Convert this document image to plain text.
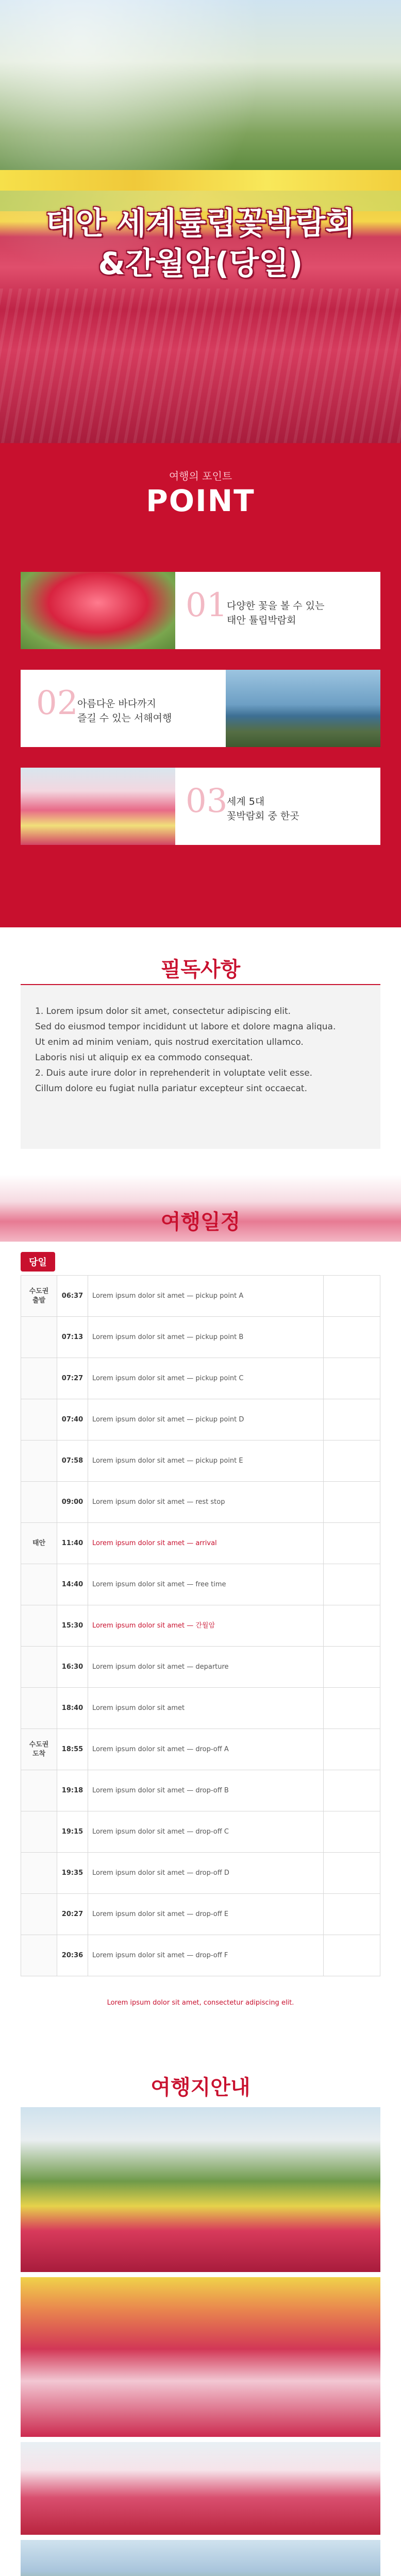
태안 세계튤립꽃박람회
&간월암(당일)
여행의 포인트
POINT
01
다양한 꽃을 볼 수 있는
태안 튤립박람회
02
아름다운 바다까지
즐길 수 있는 서해여행
03
세계 5대
꽃박람회 중 한곳
필독사항
1. Lorem ipsum dolor sit amet, consectetur adipiscing elit.
Sed do eiusmod tempor incididunt ut labore et dolore magna aliqua.
Ut enim ad minim veniam, quis nostrud exercitation ullamco.
Laboris nisi ut aliquip ex ea commodo consequat.
2. Duis aute irure dolor in reprehenderit in voluptate velit esse.
Cillum dolore eu fugiat nulla pariatur excepteur sint occaecat.
여행일정
당일
수도권 출발	06:37	Lorem ipsum dolor sit amet — pickup point A	
	07:13	Lorem ipsum dolor sit amet — pickup point B	
	07:27	Lorem ipsum dolor sit amet — pickup point C	
	07:40	Lorem ipsum dolor sit amet — pickup point D	
	07:58	Lorem ipsum dolor sit amet — pickup point E	
	09:00	Lorem ipsum dolor sit amet — rest stop	
태안	11:40	Lorem ipsum dolor sit amet — arrival	
	14:40	Lorem ipsum dolor sit amet — free time	
	15:30	Lorem ipsum dolor sit amet — 간월암	
	16:30	Lorem ipsum dolor sit amet — departure	
	18:40	Lorem ipsum dolor sit amet	
수도권 도착	18:55	Lorem ipsum dolor sit amet — drop-off A	
	19:18	Lorem ipsum dolor sit amet — drop-off B	
	19:15	Lorem ipsum dolor sit amet — drop-off C	
	19:35	Lorem ipsum dolor sit amet — drop-off D	
	20:27	Lorem ipsum dolor sit amet — drop-off E	
	20:36	Lorem ipsum dolor sit amet — drop-off F	
Lorem ipsum dolor sit amet, consectetur adipiscing elit.
여행지안내
